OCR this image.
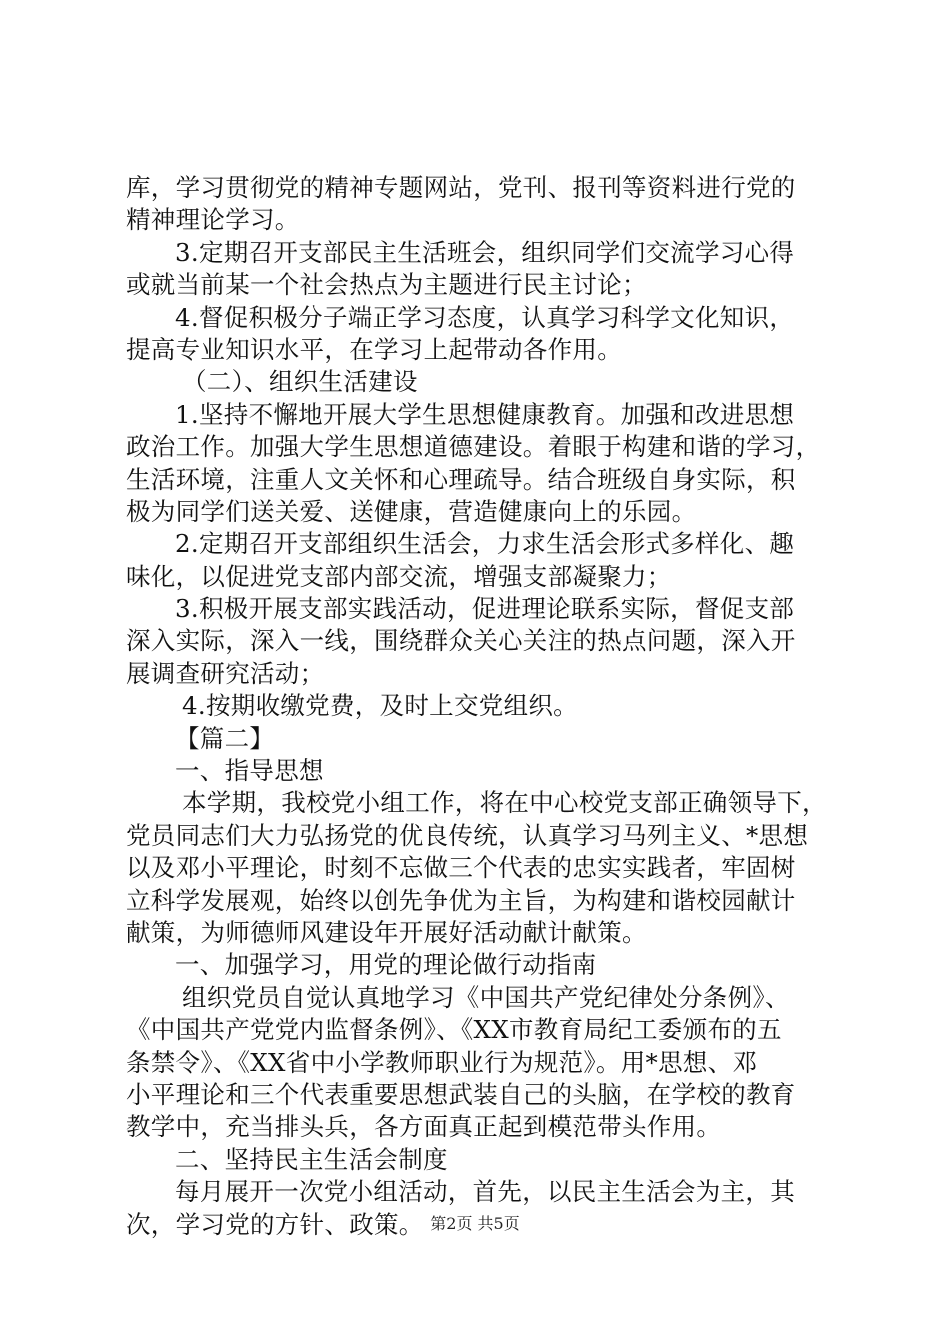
库，学习贯彻党的精神专题网站，党刊、报刊等资料进行党的
精神理论学习。
3.定期召开支部民主生活班会，组织同学们交流学习心得
或就当前某一个社会热点为主题进行民主讨论；
4.督促积极分子端正学习态度，认真学习科学文化知识，
提高专业知识水平，在学习上起带动各作用。
（二）、组织生活建设
1.坚持不懈地开展大学生思想健康教育。加强和改进思想
政治工作。加强大学生思想道德建设。着眼于构建和谐的学习，
生活环境，注重人文关怀和心理疏导。结合班级自身实际，积
极为同学们送关爱、送健康，营造健康向上的乐园。
2.定期召开支部组织生活会，力求生活会形式多样化、趣
味化，以促进党支部内部交流，增强支部凝聚力；
3.积极开展支部实践活动，促进理论联系实际，督促支部
深入实际，深入一线，围绕群众关心关注的热点问题，深入开
展调查研究活动；
4.按期收缴党费，及时上交党组织。
【篇二】
一、指导思想
本学期，我校党小组工作，将在中心校党支部正确领导下，
党员同志们大力弘扬党的优良传统，认真学习马列主义、*思想
以及邓小平理论，时刻不忘做三个代表的忠实实践者，牢固树
立科学发展观，始终以创先争优为主旨，为构建和谐校园献计
献策，为师德师风建设年开展好活动献计献策。
一、加强学习，用党的理论做行动指南
组织党员自觉认真地学习《中国共产党纪律处分条例》、
《中国共产党党内监督条例》、《XX市教育局纪工委颁布的五
条禁令》、《XX省中小学教师职业行为规范》。用*思想、邓
小平理论和三个代表重要思想武装自己的头脑，在学校的教育
教学中，充当排头兵，各方面真正起到模范带头作用。
二、坚持民主生活会制度
每月展开一次党小组活动，首先，以民主生活会为主，其
次，学习党的方针、政策。 第2页 共5页
